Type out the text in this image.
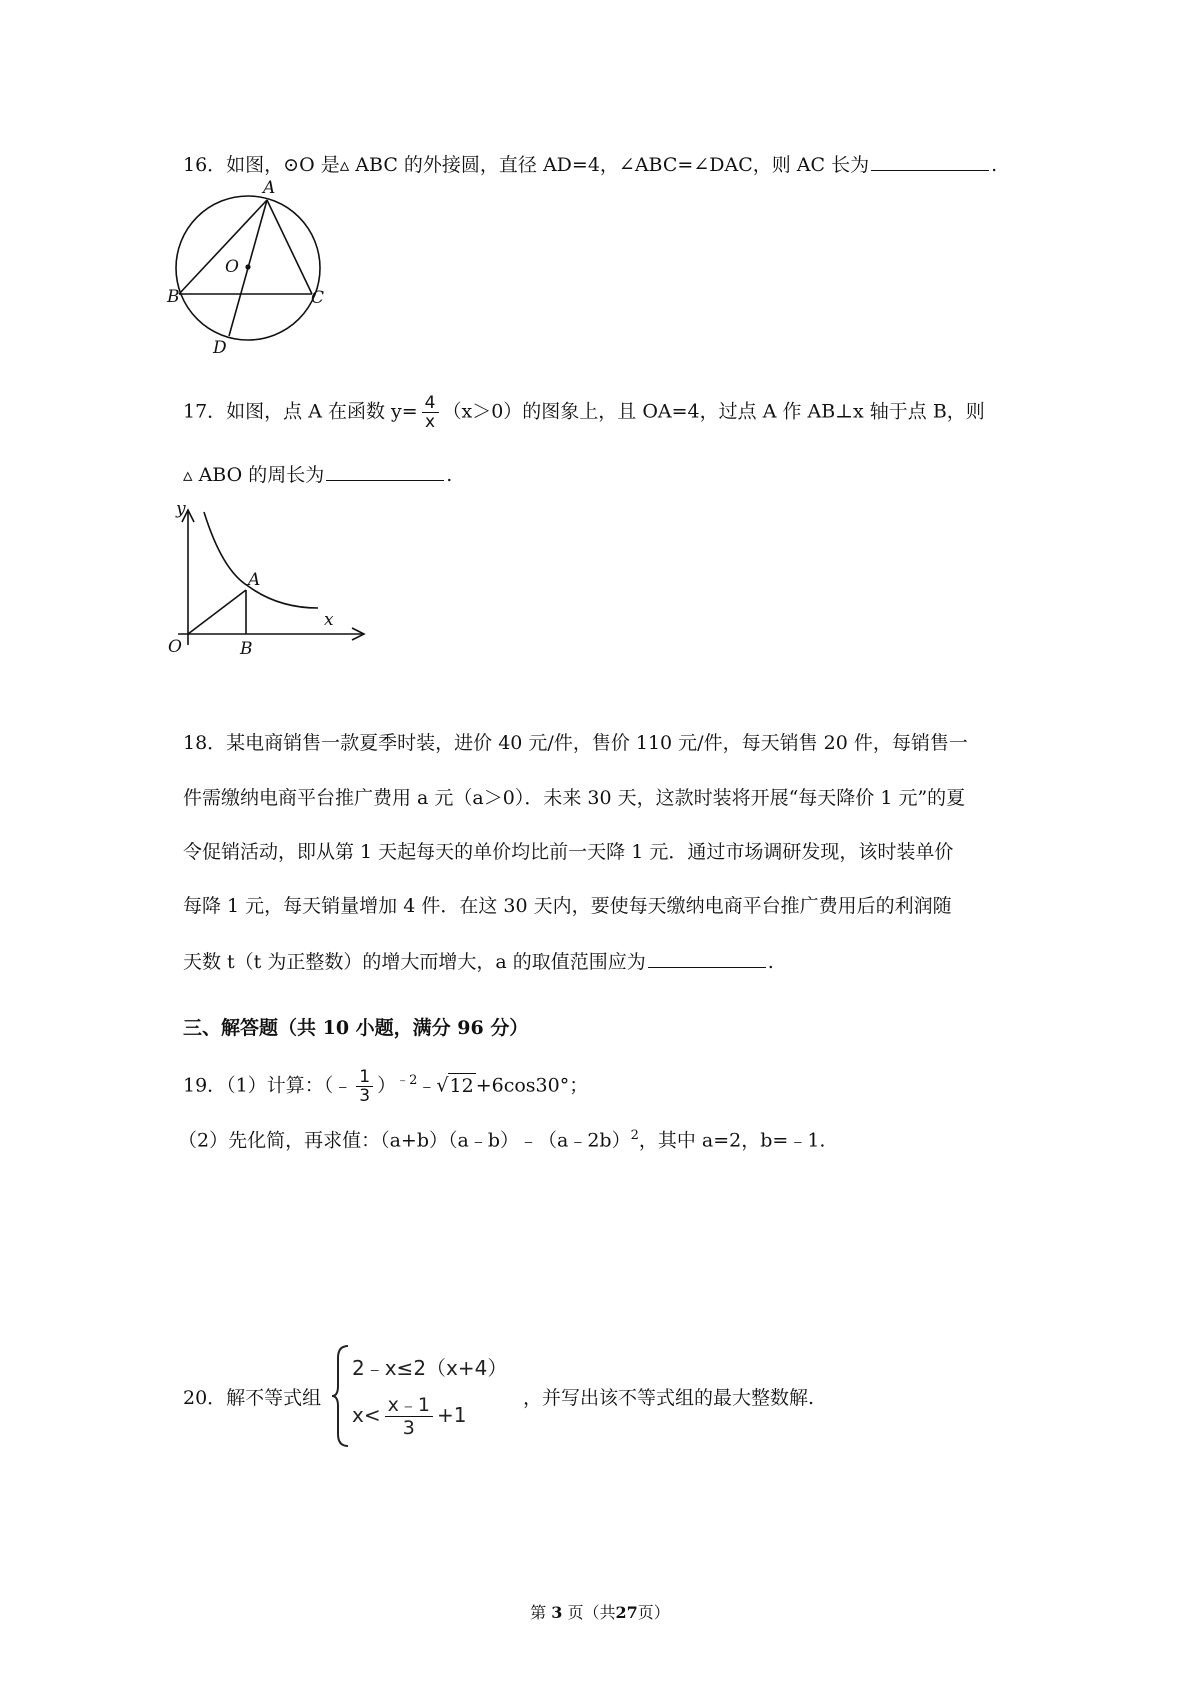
16．如图，⊙O 是▵ ABC 的外接圆，直径 AD=4，∠ABC=∠DAC，则 AC 长为	.
A
O
B	C
D
17．如图，点 A 在函数 $y= \frac{4}{x} (x>0)$的图象上，且 OA=4，过点 A 作 AB⊥x 轴于点 B，则
▵ ABO 的周长为	.
y
x
O
A
B
18．某电商销售一款夏季时装，进价 40 元/件，售价 110 元/件，每天销售 20 件，每销售一
件需缴纳电商平台推广费用 a 元（a＞0）．未来 30 天，这款时装将开展“每天降价 1 元”的夏
令促销活动，即从第 1 天起每天的单价均比前一天降 1 元．通过市场调研发现，该时装单价
每降 1 元，每天销量增加 4 件．在这 30 天内，要使每天缴纳电商平台推广费用后的利润随
天数 t（t 为正整数）的增大而增大，a 的取值范围应为	.
三、解答题（共 10 小题，满分 96 分）
19．（1）计算：（﹣ $\frac{1}{3}$ ）$^{﹣2}$﹣√12 +6cos30°；
（2）先化简，再求值：（a+b）（a﹣b）﹣（a﹣2b）$^2$，其中 a=2，b=﹣1.
20．解不等式组
2﹣x≤2（x+4）
$x< \frac{x﹣1}{3} +1$
，并写出该不等式组的最大整数解.
第 3 页（共27页）
